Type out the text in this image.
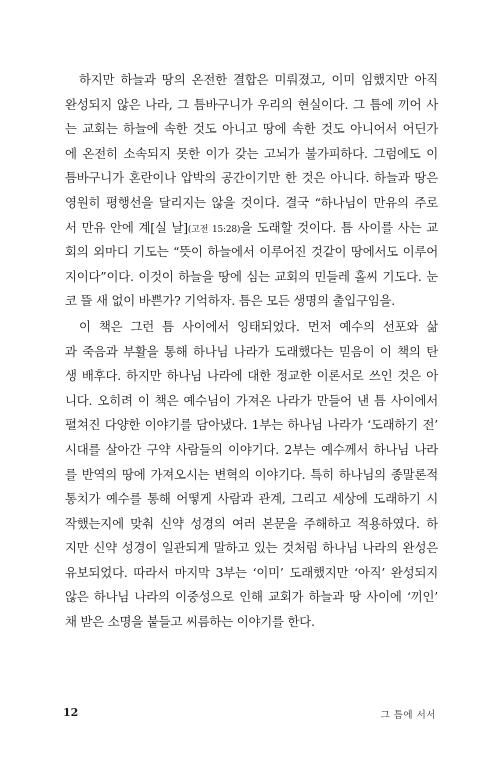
하지만 하늘과 땅의 온전한 결합은 미뤄졌고, 이미 임했지만 아직
완성되지 않은 나라, 그 틈바구니가 우리의 현실이다. 그 틈에 끼어 사
는 교회는 하늘에 속한 것도 아니고 땅에 속한 것도 아니어서 어딘가
에 온전히 소속되지 못한 이가 갖는 고뇌가 불가피하다. 그럼에도 이
틈바구니가 혼란이나 압박의 공간이기만 한 것은 아니다. 하늘과 땅은
영원히 평행선을 달리지는 않을 것이다. 결국 “하나님이 만유의 주로
서 만유 안에 계[실 날](고전 15:28)을 도래할 것이다. 틈 사이를 사는 교
회의 외마디 기도는 “뜻이 하늘에서 이루어진 것같이 땅에서도 이루어
지이다”이다. 이것이 하늘을 땅에 심는 교회의 민들레 홀씨 기도다. 눈
코 뜰 새 없이 바쁜가? 기억하자. 틈은 모든 생명의 출입구임을.
이 책은 그런 틈 사이에서 잉태되었다. 먼저 예수의 선포와 삶
과 죽음과 부활을 통해 하나님 나라가 도래했다는 믿음이 이 책의 탄
생 배후다. 하지만 하나님 나라에 대한 정교한 이론서로 쓰인 것은 아
니다. 오히려 이 책은 예수님이 가져온 나라가 만들어 낸 틈 사이에서
펼쳐진 다양한 이야기를 담아냈다. 1부는 하나님 나라가 ‘도래하기 전’
시대를 살아간 구약 사람들의 이야기다. 2부는 예수께서 하나님 나라
를 반역의 땅에 가져오시는 변혁의 이야기다. 특히 하나님의 종말론적
통치가 예수를 통해 어떻게 사람과 관계, 그리고 세상에 도래하기 시
작했는지에 맞춰 신약 성경의 여러 본문을 주해하고 적용하였다. 하
지만 신약 성경이 일관되게 말하고 있는 것처럼 하나님 나라의 완성은
유보되었다. 따라서 마지막 3부는 ‘이미’ 도래했지만 ‘아직’ 완성되지
않은 하나님 나라의 이중성으로 인해 교회가 하늘과 땅 사이에 ‘끼인’
채 받은 소명을 붙들고 씨름하는 이야기를 한다.
12	그 틈에 서서
